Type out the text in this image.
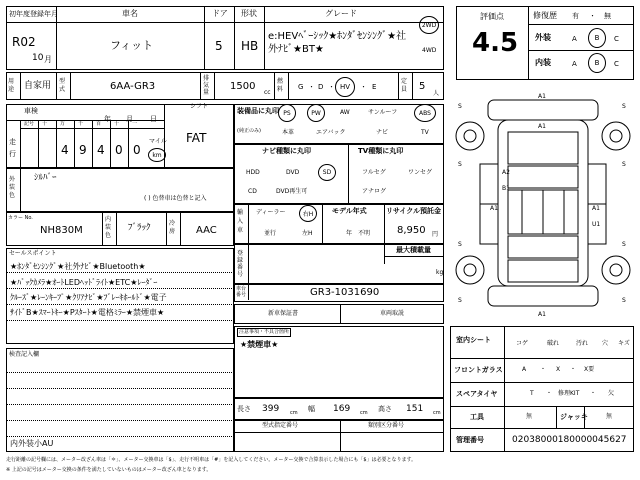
初年度登録年月	車名	ドア 形状	グレード
R02
10 月
フィット	5 HB
e:HEVﾍﾞｰｼｯｸ★ﾎﾝﾀﾞｾﾝｼﾝｸﾞ★社外ﾅﾋﾞ★BT★
2WD
4WD
用途	自家用 型式	6AA-GR3
排気量
1500
cc
燃料	G ・ D ・ HV ・ E
定員	5
人
評価点
4.5
修復歴 有 ・ 無
外装	A	B C
内装	A	B C
車検
年 月 日
走行
記号 十	万	千	百	十	一
4 9 4 0 0
マイル
km
シフト
FAT
外装色
ｼﾙﾊﾞｰ
( ) 色替車は色替と記入
カラー No.
NH830M
内装色
ﾌﾞﾗｯｸ	冷房	AAC
セールスポイント
★ﾎﾝﾀﾞｾﾝｼﾝｸﾞ★社外ﾅﾋﾞ★Bluetooth★
★ﾊﾞｯｸｶﾒﾗ★ｵｰﾄLEDﾍｯﾄﾞﾗｲﾄ★ETC★ﾚｰﾀﾞｰ
ｸﾙｰｽﾞ★ﾚｰﾝｷｰﾌﾟ★ｸﾘｱﾅﾋﾞ★ﾌﾞﾚｰｷﾎｰﾙﾄﾞ★電子
ｻｲﾄﾞB★ｽﾏｰﾄｷｰ★Pｽﾀｰﾄ★電格ﾐﾗｰ★禁煙車★
検査記入欄
内外装小AU
装備品に丸印
(純正のみ)
PS	PW	AW	サンルーフ	ABS
本革	エアバック	ナビ	TV
ナビ種類に丸印	TV種類に丸印
HDD	DVD	SD
CD	DVD再生可
フルセグ	ワンセグ
アナログ
輸入車
ディーラー	右H
並行	左H
モデル年式
年　不明
リサイクル預託金
8,950 円
登録番号
最大積載量
kg
車台番号	GR3-1031690
新車保証書	車両取説
注意事項・不具合箇所
★禁煙車★
長さ 399 cm 幅 169 cm 高さ 151 cm
型式指定番号	類別区分番号
A1
A1
A2
B1
A1	A1
U1
A1
S	S
S	S
S	S
S	S
室内シート	コゲ	破れ	汚れ 穴 キズ
フロントガラス	A ・ X ・ X要
スペアタイヤ	T ・ 修理KIT ・ 欠
工具	無	ジャッキ	無
管理番号	02038000180000045627
走行距離の記号欄には、メーター改ざん車は「＊」、メーター交換車は「$」、走行不明車は「#」を記入してください。メーター交換で合算表示した場合にも「$」は必要となります。
※ 上記の記号はメーター交換の条件を満たしていないものはメーター改ざん車となります。
